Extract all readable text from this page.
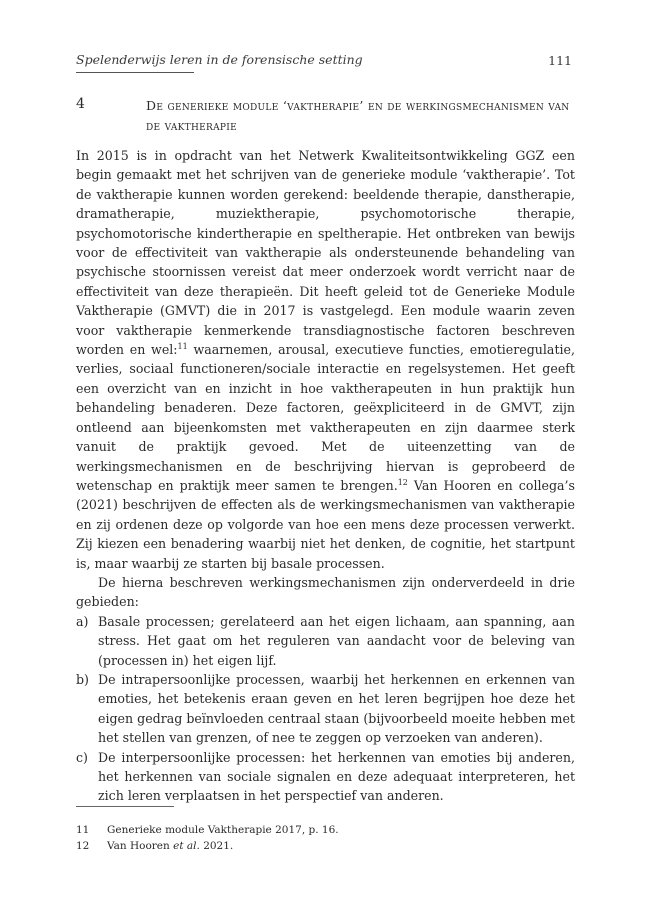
Spelenderwijs leren in de forensische setting	111
4	De generieke module ‘vaktherapie’ en de werkingsmechanismen van de vaktherapie

In 2015 is in opdracht van het Netwerk Kwaliteitsontwikkeling GGZ een begin gemaakt met het schrijven van de generieke module ‘vaktherapie’. Tot de vaktherapie kunnen worden gerekend: beeldende therapie, danstherapie, dramatherapie, muziektherapie, psychomotorische therapie, psychomotorische kindertherapie en speltherapie. Het ontbreken van bewijs voor de effectiviteit van vaktherapie als ondersteunende behandeling van psychische stoornissen vereist dat meer onderzoek wordt verricht naar de effectiviteit van deze therapieën. Dit heeft geleid tot de Generieke Module Vaktherapie (GMVT) die in 2017 is vastgelegd. Een module waarin zeven voor vaktherapie kenmerkende transdiagnostische factoren beschreven worden en wel:$^{11}$ waarnemen, arousal, executieve functies, emotieregulatie, verlies, sociaal functioneren/sociale interactie en regelsystemen. Het geeft een overzicht van en inzicht in hoe vaktherapeuten in hun praktijk hun behandeling benaderen. Deze factoren, geëxpliciteerd in de GMVT, zijn ontleend aan bijeenkomsten met vaktherapeuten en zijn daarmee sterk vanuit de praktijk gevoed. Met de uiteenzetting van de werkingsmechanismen en de beschrijving hiervan is geprobeerd de wetenschap en praktijk meer samen te brengen.$^{12}$ Van Hooren en collega’s (2021) beschrijven de effecten als de werkingsmechanismen van vaktherapie en zij ordenen deze op volgorde van hoe een mens deze processen verwerkt. Zij kiezen een benadering waarbij niet het denken, de cognitie, het startpunt is, maar waarbij ze starten bij basale processen.

De hierna beschreven werkingsmechanismen zijn onderverdeeld in drie gebieden:

a) Basale processen; gerelateerd aan het eigen lichaam, aan spanning, aan stress. Het gaat om het reguleren van aandacht voor de beleving van (processen in) het eigen lijf.
b) De intrapersoonlijke processen, waarbij het herkennen en erkennen van emoties, het betekenis eraan geven en het leren begrijpen hoe deze het eigen gedrag beïnvloeden centraal staan (bijvoorbeeld moeite hebben met het stellen van grenzen, of nee te zeggen op verzoeken van anderen).
c) De interpersoonlijke processen: het herkennen van emoties bij anderen, het herkennen van sociale signalen en deze adequaat interpreteren, het zich leren verplaatsen in het perspectief van anderen.
11	Generieke module Vaktherapie 2017, p. 16.
12	Van Hooren et al. 2021.
